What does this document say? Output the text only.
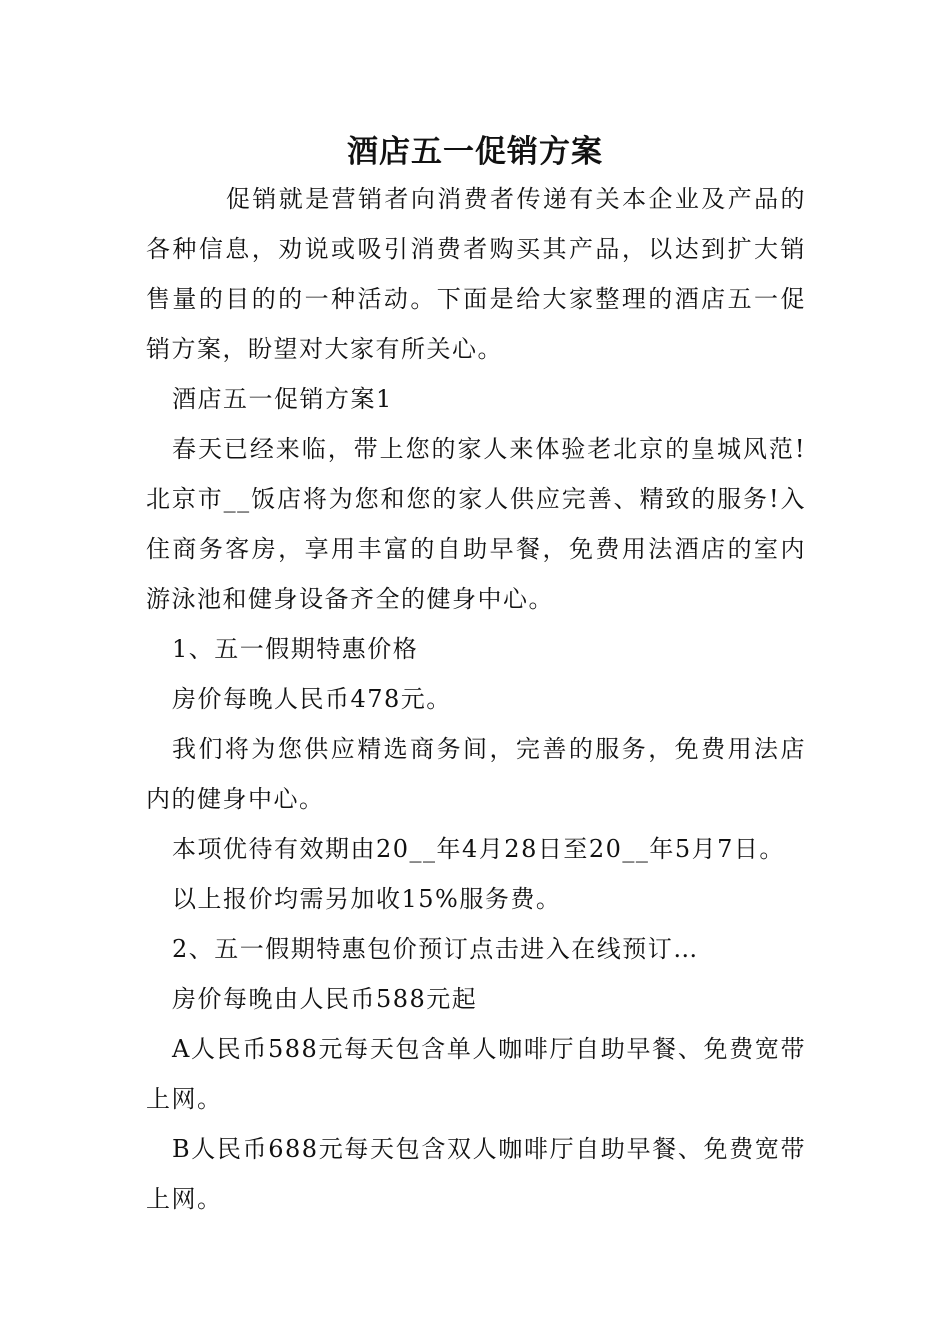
酒店五一促销方案

促销就是营销者向消费者传递有关本企业及产品的各种信息，劝说或吸引消费者购买其产品，以达到扩大销售量的目的的一种活动。下面是给大家整理的酒店五一促销方案，盼望对大家有所关心。

酒店五一促销方案1

春天已经来临，带上您的家人来体验老北京的皇城风范!北京市__饭店将为您和您的家人供应完善、精致的服务!入住商务客房，享用丰富的自助早餐，免费用法酒店的室内游泳池和健身设备齐全的健身中心。

1、五一假期特惠价格

房价每晚人民币478元。

我们将为您供应精选商务间，完善的服务，免费用法店内的健身中心。

本项优待有效期由20__年4月28日至20__年5月7日。

以上报价均需另加收15%服务费。

2、五一假期特惠包价预订点击进入在线预订…

房价每晚由人民币588元起

A人民币588元每天包含单人咖啡厅自助早餐、免费宽带上网。

B人民币688元每天包含双人咖啡厅自助早餐、免费宽带上网。
